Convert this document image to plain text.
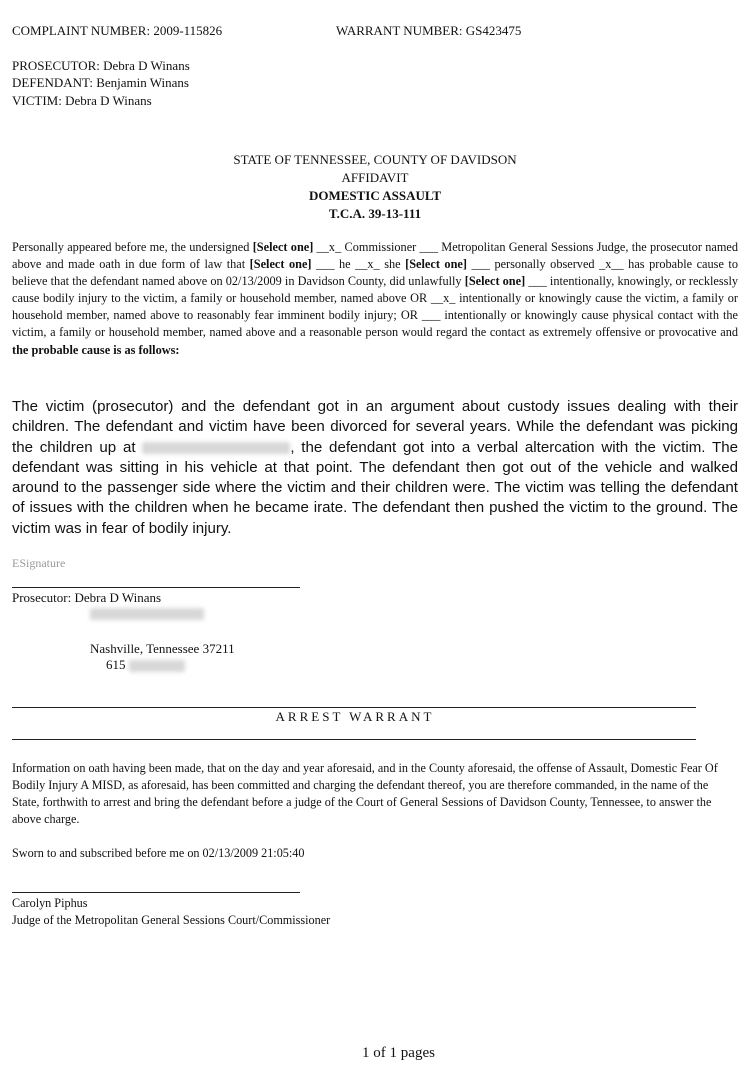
COMPLAINT NUMBER: 2009-115826	WARRANT NUMBER: GS423475
PROSECUTOR: Debra D Winans
DEFENDANT: Benjamin Winans
VICTIM: Debra D Winans
STATE OF TENNESSEE, COUNTY OF DAVIDSON
AFFIDAVIT
DOMESTIC ASSAULT
T.C.A. 39-13-111
Personally appeared before me, the undersigned [Select one] __x_ Commissioner ___ Metropolitan General Sessions Judge, the prosecutor named above and made oath in due form of law that [Select one] ___ he __x_ she [Select one] ___ personally observed _x__ has probable cause to believe that the defendant named above on 02/13/2009 in Davidson County, did unlawfully [Select one] ___ intentionally, knowingly, or recklessly cause bodily injury to the victim, a family or household member, named above OR __x_ intentionally or knowingly cause the victim, a family or household member, named above to reasonably fear imminent bodily injury; OR ___ intentionally or knowingly cause physical contact with the victim, a family or household member, named above and a reasonable person would regard the contact as extremely offensive or provocative and the probable cause is as follows:
The victim (prosecutor) and the defendant got in an argument about custody issues dealing with their children. The defendant and victim have been divorced for several years. While the defendant was picking the children up at	, the defendant got into a verbal altercation with the victim. The defendant was sitting in his vehicle at that point. The defendant then got out of the vehicle and walked around to the passenger side where the victim and their children were. The victim was telling the defendant of issues with the children when he became irate. The defendant then pushed the victim to the ground. The victim was in fear of bodily injury.
ESignature
Prosecutor: Debra D Winans
Nashville, Tennessee 37211
615
ARREST WARRANT
Information on oath having been made, that on the day and year aforesaid, and in the County aforesaid, the offense of Assault, Domestic Fear Of Bodily Injury A MISD, as aforesaid, has been committed and charging the defendant thereof, you are therefore commanded, in the name of the State, forthwith to arrest and bring the defendant before a judge of the Court of General Sessions of Davidson County, Tennessee, to answer the above charge.
Sworn to and subscribed before me on 02/13/2009 21:05:40
Carolyn Piphus
Judge of the Metropolitan General Sessions Court/Commissioner
1 of 1 pages
